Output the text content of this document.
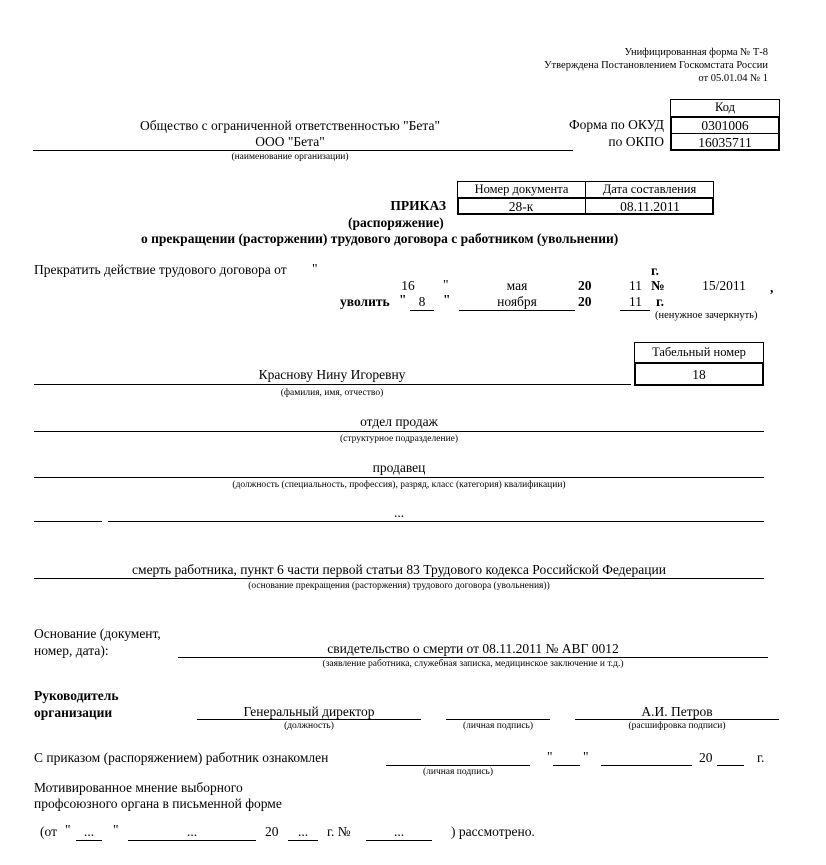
Унифицированная форма № Т-8
Утверждена Постановлением Госкомстата России
от 05.01.04 № 1
Общество с ограниченной ответственностью "Бета"
ООО "Бета"
(наименование организации)
Форма по ОКУД
по ОКПО
Код
0301006
16035711
ПРИКАЗ
Номер документа	Дата составления
28-к	08.11.2011
(распоряжение)
о прекращении (расторжении) трудового договора с работником (увольнении)
Прекратить действие трудового договора от "	г.
16	"	мая	20	11 №	15/2011	,
уволить " 8	"	ноября	20	11 г.
(ненужное зачеркнуть)
Табельный номер
18
Краснову Нину Игоревну
(фамилия, имя, отчество)
отдел продаж
(структурное подразделение)
продавец
(должность (специальность, профессия), разряд, класс (категория) квалификации)
...
смерть работника, пункт 6 части первой статьи 83 Трудового кодекса Российской Федерации
(основание прекращения (расторжения) трудового договора (увольнения))
Основание (документ,
номер, дата):	свидетельство о смерти от 08.11.2011 № АВГ 0012
(заявление работника, служебная записка, медицинское заключение и т.д.)
Руководитель
организации	Генеральный директор
(должность)	(личная подпись)
А.И. Петров
(расшифровка подписи)
С приказом (распоряжением) работник ознакомлен
(личная подпись)
" "	20	г.
Мотивированное мнение выборного
профсоюзного органа в письменной форме
(от " ...	"	...	20	...	г. №	...	) рассмотрено.
